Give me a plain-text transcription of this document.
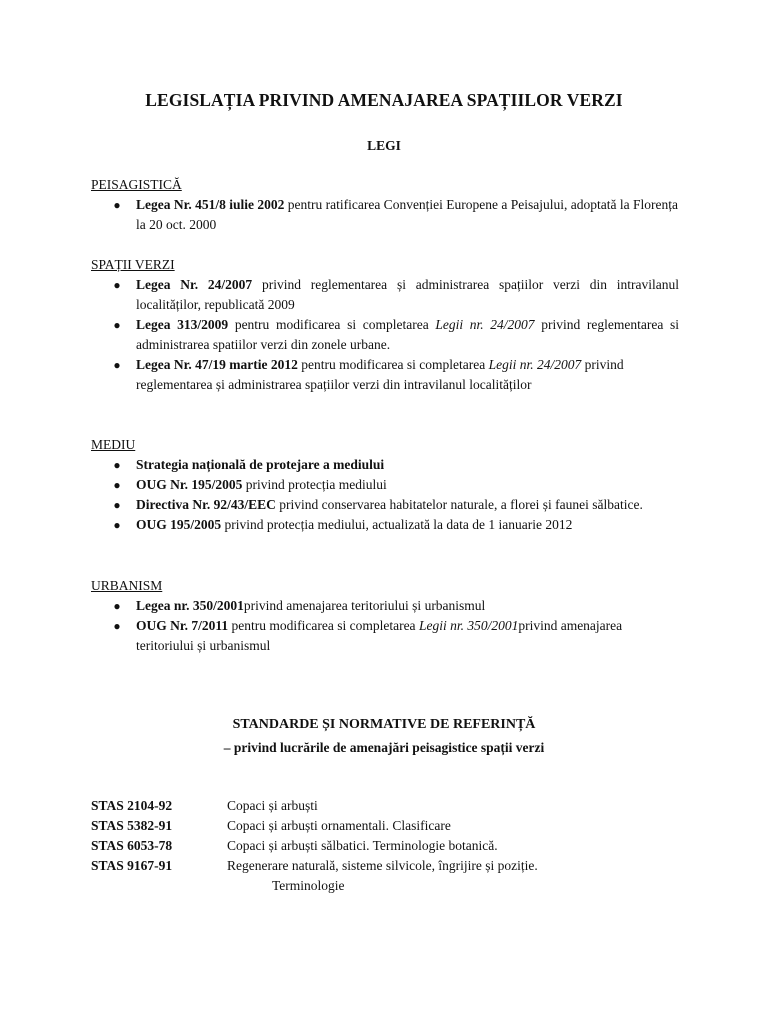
LEGISLAȚIA PRIVIND AMENAJAREA SPAȚIILOR VERZI
LEGI
PEISAGISTICĂ
● Legea Nr. 451/8 iulie 2002 pentru ratificarea Convenției Europene a Peisajului, adoptată la Florența la 20 oct. 2000
SPAȚII VERZI
● Legea Nr. 24/2007 privind reglementarea și administrarea spațiilor verzi din intravilanul localităților, republicată 2009
● Legea 313/2009 pentru modificarea si completarea Legii nr. 24/2007 privind reglementarea si administrarea spatiilor verzi din zonele urbane.
● Legea Nr. 47/19 martie 2012 pentru modificarea si completarea Legii nr. 24/2007 privind reglementarea și administrarea spațiilor verzi din intravilanul localităților
MEDIU
● Strategia națională de protejare a mediului
● OUG Nr. 195/2005 privind protecția mediului
● Directiva Nr. 92/43/EEC privind conservarea habitatelor naturale, a florei și faunei sălbatice.
● OUG 195/2005 privind protecția mediului, actualizată la data de 1 ianuarie 2012
URBANISM
● Legea nr. 350/2001privind amenajarea teritoriului și urbanismul
● OUG Nr. 7/2011 pentru modificarea si completarea Legii nr. 350/2001privind amenajarea teritoriului și urbanismul
STANDARDE ȘI NORMATIVE DE REFERINȚĂ
– privind lucrările de amenajări peisagistice spații verzi
STAS 2104-92	Copaci și arbuști
STAS 5382-91	Copaci și arbuști ornamentali. Clasificare
STAS 6053-78	Copaci și arbuști sălbatici. Terminologie botanică.
STAS 9167-91	Regenerare naturală, sisteme silvicole, îngrijire și poziție.
Terminologie
